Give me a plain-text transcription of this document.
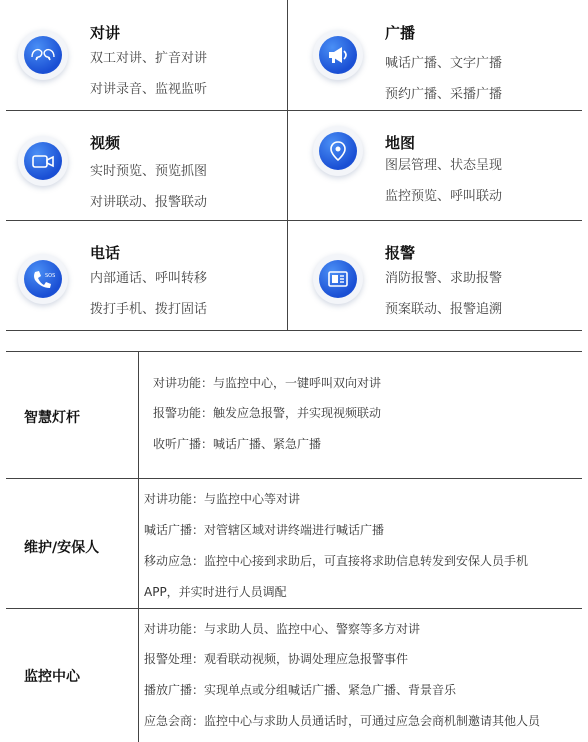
对讲
双工对讲、扩音对讲
对讲录音、监视监听
广播
喊话广播、文字广播
预约广播、采播广播
视频
实时预览、预览抓图
对讲联动、报警联动
地图
图层管理、状态呈现
监控预览、呼叫联动
SOS
电话
内部通话、呼叫转移
拨打手机、拨打固话
报警
消防报警、求助报警
预案联动、报警追溯
智慧灯杆
对讲功能：与监控中心，一键呼叫双向对讲
报警功能：触发应急报警，并实现视频联动
收听广播：喊话广播、紧急广播
维护/安保人
对讲功能：与监控中心等对讲
喊话广播：对管辖区域对讲终端进行喊话广播
移动应急：监控中心接到求助后，可直接将求助信息转发到安保人员手机
APP，并实时进行人员调配
监控中心
对讲功能：与求助人员、监控中心、警察等多方对讲
报警处理：观看联动视频，协调处理应急报警事件
播放广播：实现单点或分组喊话广播、紧急广播、背景音乐
应急会商：监控中心与求助人员通话时，可通过应急会商机制邀请其他人员
